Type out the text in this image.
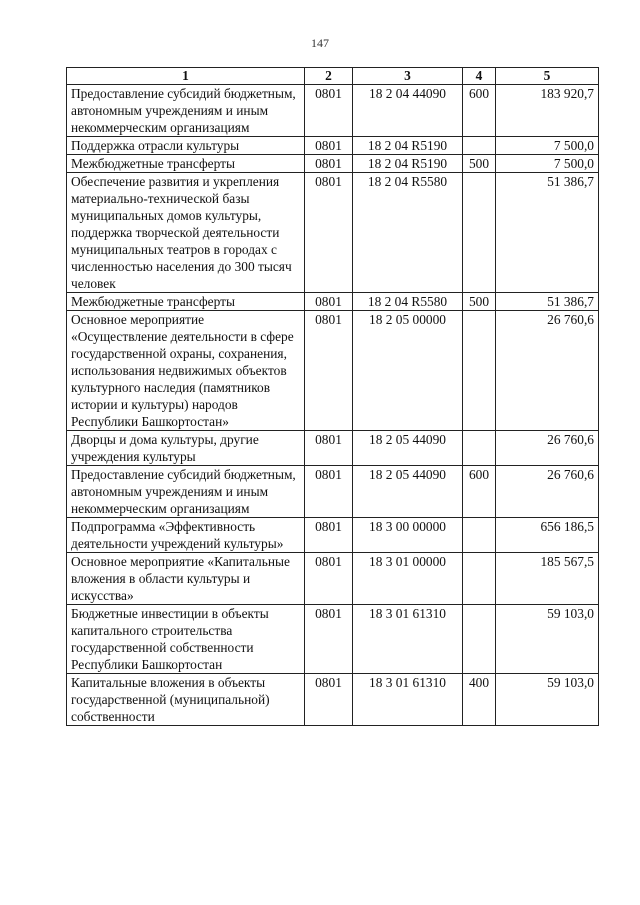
147
1	2	3	4	5
Предоставление субсидий бюджетным, автономным учреждениям и иным некоммерческим организациям	0801	18 2 04 44090	600	183 920,7
Поддержка отрасли культуры	0801	18 2 04 R5190		7 500,0
Межбюджетные трансферты	0801	18 2 04 R5190	500	7 500,0
Обеспечение развития и укрепления материально-технической базы муниципальных домов культуры, поддержка творческой деятельности муниципальных театров в городах с численностью населения до 300 тысяч человек	0801	18 2 04 R5580		51 386,7
Межбюджетные трансферты	0801	18 2 04 R5580	500	51 386,7
Основное мероприятие «Осуществление деятельности в сфере государственной охраны, сохранения, использования недвижимых объектов культурного наследия (памятников истории и культуры) народов Республики Башкортостан»	0801	18 2 05 00000		26 760,6
Дворцы и дома культуры, другие учреждения культуры	0801	18 2 05 44090		26 760,6
Предоставление субсидий бюджетным, автономным учреждениям и иным некоммерческим организациям	0801	18 2 05 44090	600	26 760,6
Подпрограмма «Эффективность деятельности учреждений культуры»	0801	18 3 00 00000		656 186,5
Основное мероприятие «Капитальные вложения в области культуры и искусства»	0801	18 3 01 00000		185 567,5
Бюджетные инвестиции в объекты капитального строительства государственной собственности Республики Башкортостан	0801	18 3 01 61310		59 103,0
Капитальные вложения в объекты государственной (муниципальной) собственности	0801	18 3 01 61310	400	59 103,0
